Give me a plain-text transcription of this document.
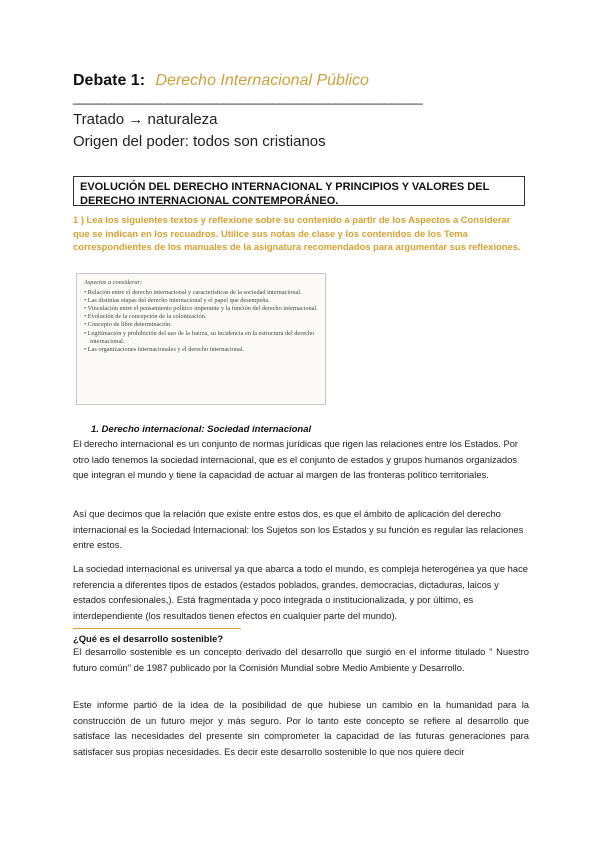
Debate 1: Derecho Internacional Público
________________________________________________________
Tratado → naturaleza
Origen del poder: todos son cristianos
EVOLUCIÓN DEL DERECHO INTERNACIONAL Y PRINCIPIOS Y VALORES DEL DERECHO INTERNACIONAL CONTEMPORÁNEO.
1 ) Lea los siguientes textos y reflexione sobre su contenido a partir de los Aspectos a Considerar que se indican en los recuadros. Utilice sus notas de clase y los contenidos de los Tema correspondientes de los manuales de la asignatura recomendados para argumentar sus reflexiones.
Aspectos a considerar:
• Relación entre el derecho internacional y características de la sociedad internacional.
• Las distintas etapas del derecho internacional y el papel que desempeña.
• Vinculación entre el pensamiento político imperante y la función del derecho internacional.
• Evolución de la concepción de la colonización.
• Concepto de libre determinación.
• Legitimación y prohibición del uso de la fuerza, su incidencia en la estructura del derecho internacional.
• Las organizaciones internacionales y el derecho internacional.
1. Derecho internacional: Sociedad internacional
El derecho internacional es un conjunto de normas jurídicas que rigen las relaciones entre los Estados. Por otro lado tenemos la sociedad internacional, que es el conjunto de estados y grupos humanos organizados que integran el mundo y tiene la capacidad de actuar al margen de las fronteras político territoriales.
Así que decimos que la relación que existe entre estos dos, es que el ámbito de aplicación del derecho internacional es la Sociedad Internacional: los Sujetos son los Estados y su función es regular las relaciones entre estos.
La sociedad internacional es universal ya que abarca a todo el mundo, es compleja heterogénea ya que hace referencia a diferentes tipos de estados (estados poblados, grandes, democracias, dictaduras, laicos y estados confesionales,). Está fragmentada y poco integrada o institucionalizada, y por último, es interdependiente (los resultados tienen efectos en cualquier parte del mundo).
¿Qué es el desarrollo sostenible?
El desarrollo sostenible es un concepto derivado del desarrollo que surgió en el informe titulado " Nuestro futuro común" de 1987 publicado por la Comisión Mundial sobre Medio Ambiente y Desarrollo.
Este informe partió de la idea de la posibilidad de que hubiese un cambio en la humanidad para la construcción de un futuro mejor y más seguro. Por lo tanto este concepto se refiere al desarrollo que satisface las necesidades del presente sin comprometer la capacidad de las futuras generaciones para satisfacer sus propias necesidades. Es decir este desarrollo sostenible lo que nos quiere decir
